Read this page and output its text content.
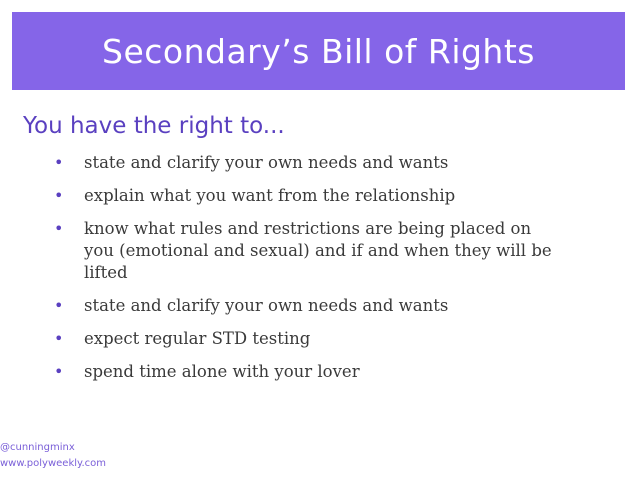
Secondary’s Bill of Rights
You have the right to...
•	state and clarify your own needs and wants
•	explain what you want from the relationship
•	know what rules and restrictions are being placed on you (emotional and sexual) and if and when they will be lifted
•	state and clarify your own needs and wants
•	expect regular STD testing
•	spend time alone with your lover
@cunningminx
www.polyweekly.com
